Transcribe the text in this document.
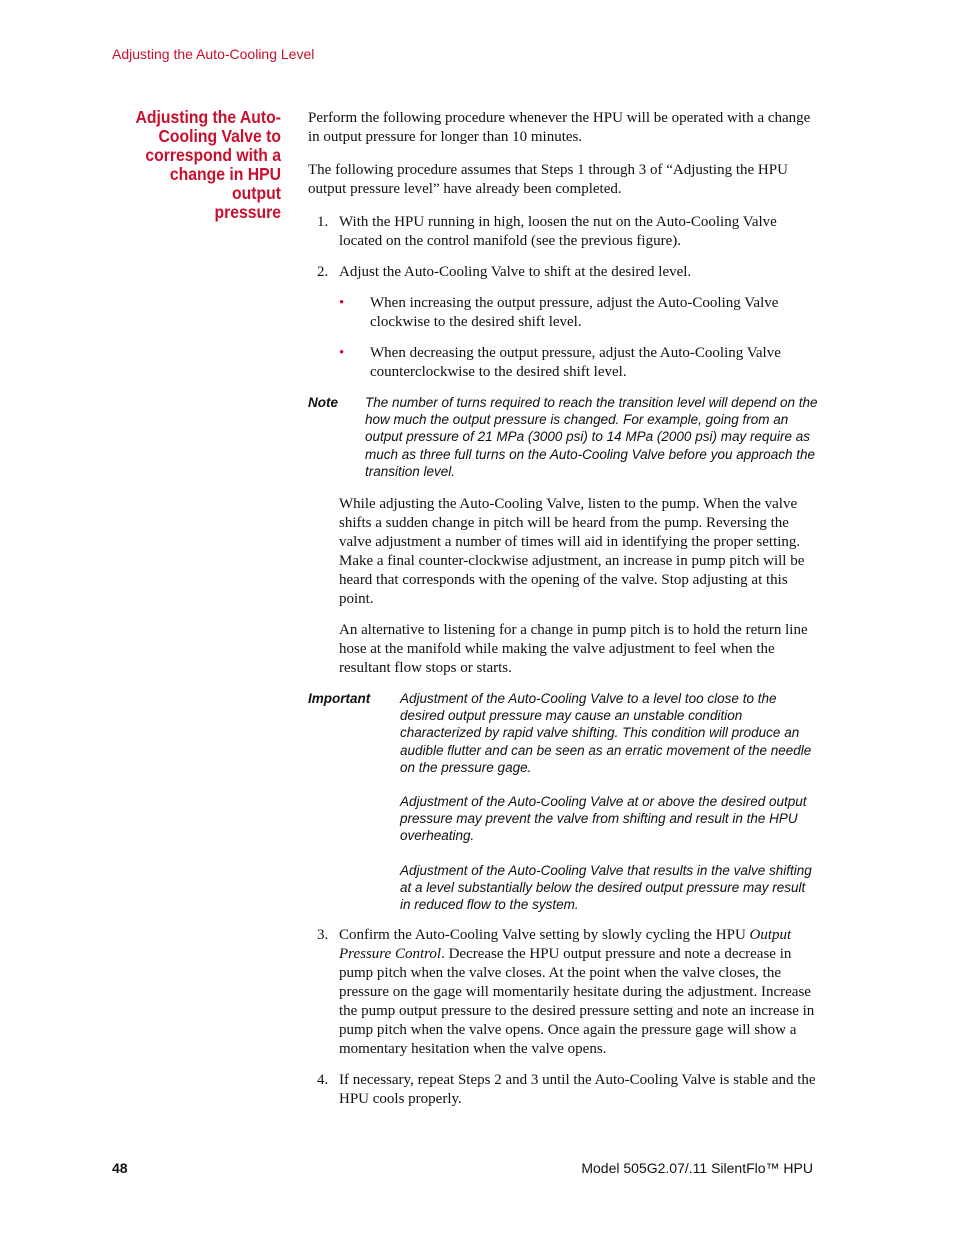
Adjusting the Auto-Cooling Level
Adjusting the Auto-
Cooling Valve to
correspond with a
change in HPU output
pressure

Perform the following procedure whenever the HPU will be operated with a change in output pressure for longer than 10 minutes.

The following procedure assumes that Steps 1 through 3 of “Adjusting the HPU output pressure level” have already been completed.

1. With the HPU running in high, loosen the nut on the Auto-Cooling Valve located on the control manifold (see the previous figure).
2. Adjust the Auto-Cooling Valve to shift at the desired level.
• When increasing the output pressure, adjust the Auto-Cooling Valve clockwise to the desired shift level.
• When decreasing the output pressure, adjust the Auto-Cooling Valve counterclockwise to the desired shift level.
Note The number of turns required to reach the transition level will depend on the how much the output pressure is changed. For example, going from an output pressure of 21 MPa (3000 psi) to 14 MPa (2000 psi) may require as much as three full turns on the Auto-Cooling Valve before you approach the transition level.

While adjusting the Auto-Cooling Valve, listen to the pump. When the valve shifts a sudden change in pitch will be heard from the pump. Reversing the valve adjustment a number of times will aid in identifying the proper setting. Make a final counter-clockwise adjustment, an increase in pump pitch will be heard that corresponds with the opening of the valve. Stop adjusting at this point.

An alternative to listening for a change in pump pitch is to hold the return line hose at the manifold while making the valve adjustment to feel when the resultant flow stops or starts.

Important Adjustment of the Auto-Cooling Valve to a level too close to the desired output pressure may cause an unstable condition characterized by rapid valve shifting. This condition will produce an audible flutter and can be seen as an erratic movement of the needle on the pressure gage.

Adjustment of the Auto-Cooling Valve at or above the desired output pressure may prevent the valve from shifting and result in the HPU overheating.

Adjustment of the Auto-Cooling Valve that results in the valve shifting at a level substantially below the desired output pressure may result in reduced flow to the system.

3. Confirm the Auto-Cooling Valve setting by slowly cycling the HPU Output Pressure Control. Decrease the HPU output pressure and note a decrease in pump pitch when the valve closes. At the point when the valve closes, the pressure on the gage will momentarily hesitate during the adjustment. Increase the pump output pressure to the desired pressure setting and note an increase in pump pitch when the valve opens. Once again the pressure gage will show a momentary hesitation when the valve opens.
4. If necessary, repeat Steps 2 and 3 until the Auto-Cooling Valve is stable and the HPU cools properly.
48	Model 505G2.07/.11 SilentFlo™ HPU
